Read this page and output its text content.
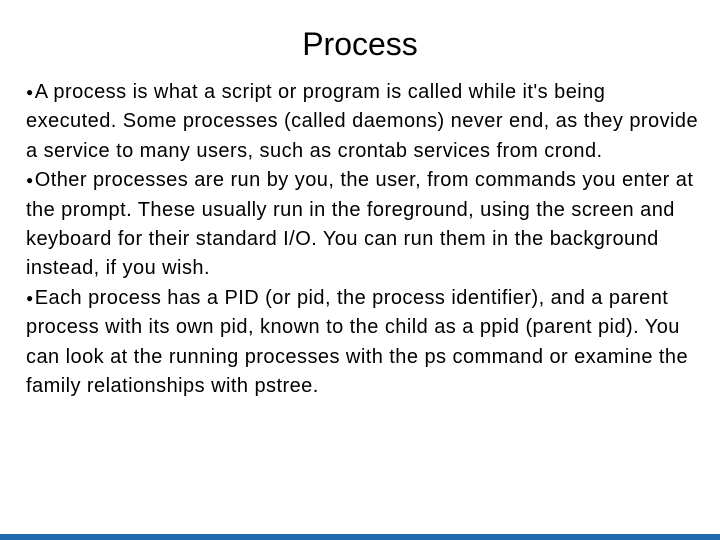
Process
●A process is what a script or program is called while it's being executed. Some processes (called daemons) never end, as they provide a service to many users, such as crontab services from crond.
●Other processes are run by you, the user, from commands you enter at the prompt. These usually run in the foreground, using the screen and keyboard for their standard I/O. You can run them in the background instead, if you wish.
●Each process has a PID (or pid, the process identifier), and a parent process with its own pid, known to the child as a ppid (parent pid). You can look at the running processes with the ps command or examine the family relationships with pstree.
